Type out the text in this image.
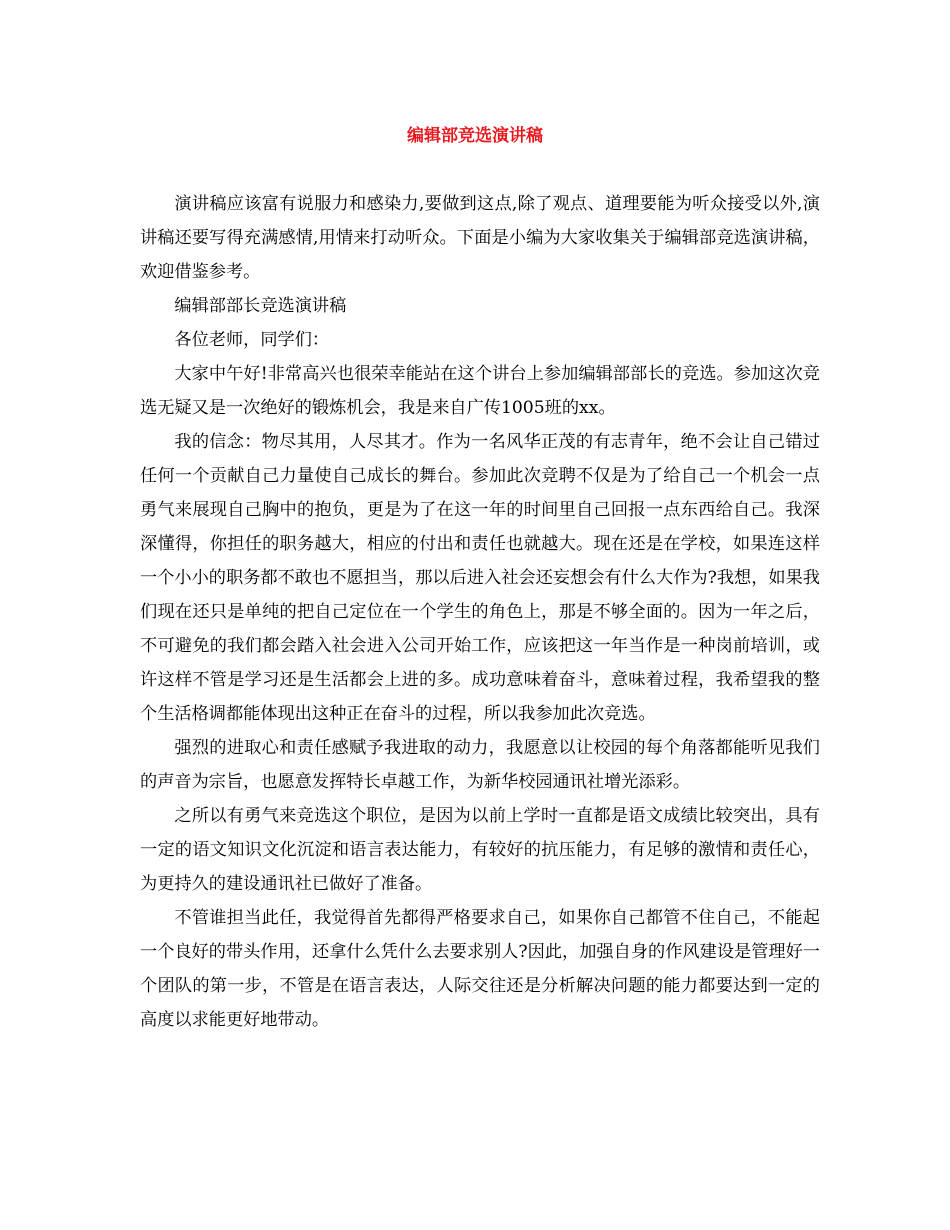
编辑部竞选演讲稿

演讲稿应该富有说服力和感染力,要做到这点,除了观点、道理要能为听众接受以外,演讲稿还要写得充满感情,用情来打动听众。下面是小编为大家收集关于编辑部竞选演讲稿，欢迎借鉴参考。

编辑部部长竞选演讲稿

各位老师，同学们：

大家中午好!非常高兴也很荣幸能站在这个讲台上参加编辑部部长的竞选。参加这次竞选无疑又是一次绝好的锻炼机会，我是来自广传1005班的xx。

我的信念：物尽其用，人尽其才。作为一名风华正茂的有志青年，绝不会让自己错过任何一个贡献自己力量使自己成长的舞台。参加此次竞聘不仅是为了给自己一个机会一点勇气来展现自己胸中的抱负，更是为了在这一年的时间里自己回报一点东西给自己。我深深懂得，你担任的职务越大，相应的付出和责任也就越大。现在还是在学校，如果连这样一个小小的职务都不敢也不愿担当，那以后进入社会还妄想会有什么大作为?我想，如果我们现在还只是单纯的把自己定位在一个学生的角色上，那是不够全面的。因为一年之后，不可避免的我们都会踏入社会进入公司开始工作，应该把这一年当作是一种岗前培训，或许这样不管是学习还是生活都会上进的多。成功意味着奋斗，意味着过程，我希望我的整个生活格调都能体现出这种正在奋斗的过程，所以我参加此次竞选。

强烈的进取心和责任感赋予我进取的动力，我愿意以让校园的每个角落都能听见我们的声音为宗旨，也愿意发挥特长卓越工作，为新华校园通讯社增光添彩。

之所以有勇气来竞选这个职位，是因为以前上学时一直都是语文成绩比较突出，具有一定的语文知识文化沉淀和语言表达能力，有较好的抗压能力，有足够的激情和责任心，为更持久的建设通讯社已做好了准备。

不管谁担当此任，我觉得首先都得严格要求自己，如果你自己都管不住自己，不能起一个良好的带头作用，还拿什么凭什么去要求别人?因此，加强自身的作风建设是管理好一个团队的第一步，不管是在语言表达，人际交往还是分析解决问题的能力都要达到一定的高度以求能更好地带动。
